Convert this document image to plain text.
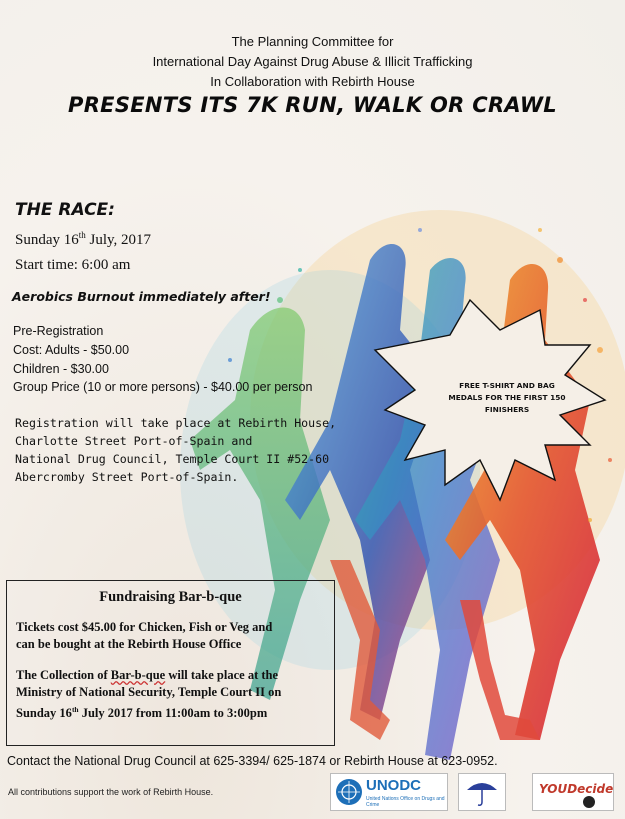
The Planning Committee for
International Day Against Drug Abuse & Illicit Trafficking
In Collaboration with Rebirth House
PRESENTS ITS 7K RUN, WALK OR CRAWL
THE RACE:
Sunday 16th July, 2017
Start time: 6:00 am
Aerobics Burnout immediately after!
Pre-Registration
Cost: Adults - $50.00
Children - $30.00
Group Price (10 or more persons) - $40.00 per person
Registration will take place at Rebirth House,
Charlotte Street Port-of-Spain and
National Drug Council, Temple Court II #52-60
Abercromby Street Port-of-Spain.
FREE T-SHIRT AND BAG
MEDALS FOR THE FIRST 150
FINISHERS
Fundraising Bar-b-que
Tickets cost $45.00 for Chicken, Fish or Veg and
can be bought at the Rebirth House Office
The Collection of Bar-b-que will take place at the
Ministry of National Security, Temple Court II on
Sunday 16th July 2017 from 11:00am to 3:00pm
Contact the National Drug Council at 625-3394/ 625-1874 or Rebirth House at 623-0952.
All contributions support the work of Rebirth House.	UNODC
United Nations Office on Drugs and Crime
YOUDecide
